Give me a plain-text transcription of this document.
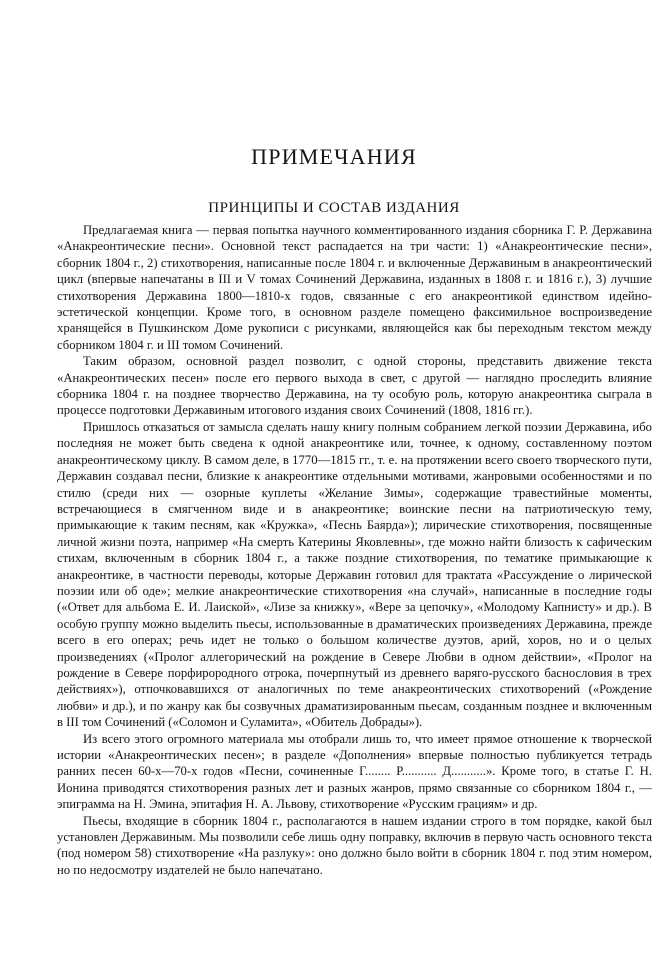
ПРИМЕЧАНИЯ
ПРИНЦИПЫ И СОСТАВ ИЗДАНИЯ

Предлагаемая книга — первая попытка научного комментированного издания сборника Г. Р. Державина «Анакреонтические песни». Основной текст распадается на три части: 1) «Анакреонтические песни», сборник 1804 г., 2) стихотворения, написанные после 1804 г. и включенные Державиным в анакреонтический цикл (впервые напечатаны в III и V томах Сочинений Державина, изданных в 1808 г. и 1816 г.), 3) лучшие стихотворения Державина 1800—1810-х годов, связанные с его анакреонтикой единством идейно-эстетической концепции. Кроме того, в основном разделе помещено факсимильное воспроизведение хранящейся в Пушкинском Доме рукописи с рисунками, являющейся как бы переходным текстом между сборником 1804 г. и III томом Сочинений.

Таким образом, основной раздел позволит, с одной стороны, представить движение текста «Анакреонтических песен» после его первого выхода в свет, с другой — наглядно проследить влияние сборника 1804 г. на позднее творчество Державина, на ту особую роль, которую анакреонтика сыграла в процессе подготовки Державиным итогового издания своих Сочинений (1808, 1816 гг.).

Пришлось отказаться от замысла сделать нашу книгу полным собранием легкой поэзии Державина, ибо последняя не может быть сведена к одной анакреонтике или, точнее, к одному, составленному поэтом анакреонтическому циклу. В самом деле, в 1770—1815 гг., т. е. на протяжении всего своего творческого пути, Державин создавал песни, близкие к анакреонтике отдельными мотивами, жанровыми особенностями и по стилю (среди них — озорные куплеты «Желание Зимы», содержащие травестийные моменты, встречающиеся в смягченном виде и в анакреонтике; воинские песни на патриотическую тему, примыкающие к таким песням, как «Кружка», «Песнь Баярда»); лирические стихотворения, посвященные личной жизни поэта, например «На смерть Катерины Яковлевны», где можно найти близость к сафическим стихам, включенным в сборник 1804 г., а также поздние стихотворения, по тематике примыкающие к анакреонтике, в частности переводы, которые Державин готовил для трактата «Рассуждение о лирической поэзии или об оде»; мелкие анакреонтические стихотворения «на случай», написанные в последние годы («Ответ для альбома Е. И. Лаиской», «Лизе за книжку», «Вере за цепочку», «Молодому Капнисту» и др.). В особую группу можно выделить пьесы, использованные в драматических произведениях Державина, прежде всего в его операх; речь идет не только о большом количестве дуэтов, арий, хоров, но и о целых произведениях («Пролог аллегорический на рождение в Севере Любви в одном действии», «Пролог на рождение в Севере порфирородного отрока, почерпнутый из древнего варяго-русского баснословия в трех действиях»), отпочковавшихся от аналогичных по теме анакреонтических стихотворений («Рождение любви» и др.), и по жанру как бы созвучных драматизированным пьесам, созданным позднее и включенным в III том Сочинений («Соломон и Суламита», «Обитель Добрады»).

Из всего этого огромного материала мы отобрали лишь то, что имеет прямое отношение к творческой истории «Анакреонтических песен»; в разделе «Дополнения» впервые полностью публикуется тетрадь ранних песен 60-х—70-х годов «Песни, сочиненные Г........ Р........... Д...........». Кроме того, в статье Г. Н. Ионина приводятся стихотворения разных лет и разных жанров, прямо связанные со сборником 1804 г., — эпиграмма на Н. Эмина, эпитафия Н. А. Львову, стихотворение «Русским грациям» и др.

Пьесы, входящие в сборник 1804 г., располагаются в нашем издании строго в том порядке, какой был установлен Державиным. Мы позволили себе лишь одну поправку, включив в первую часть основного текста (под номером 58) стихотворение «На разлуку»: оно должно было войти в сборник 1804 г. под этим номером, но по недосмотру издателей не было напечатано.
